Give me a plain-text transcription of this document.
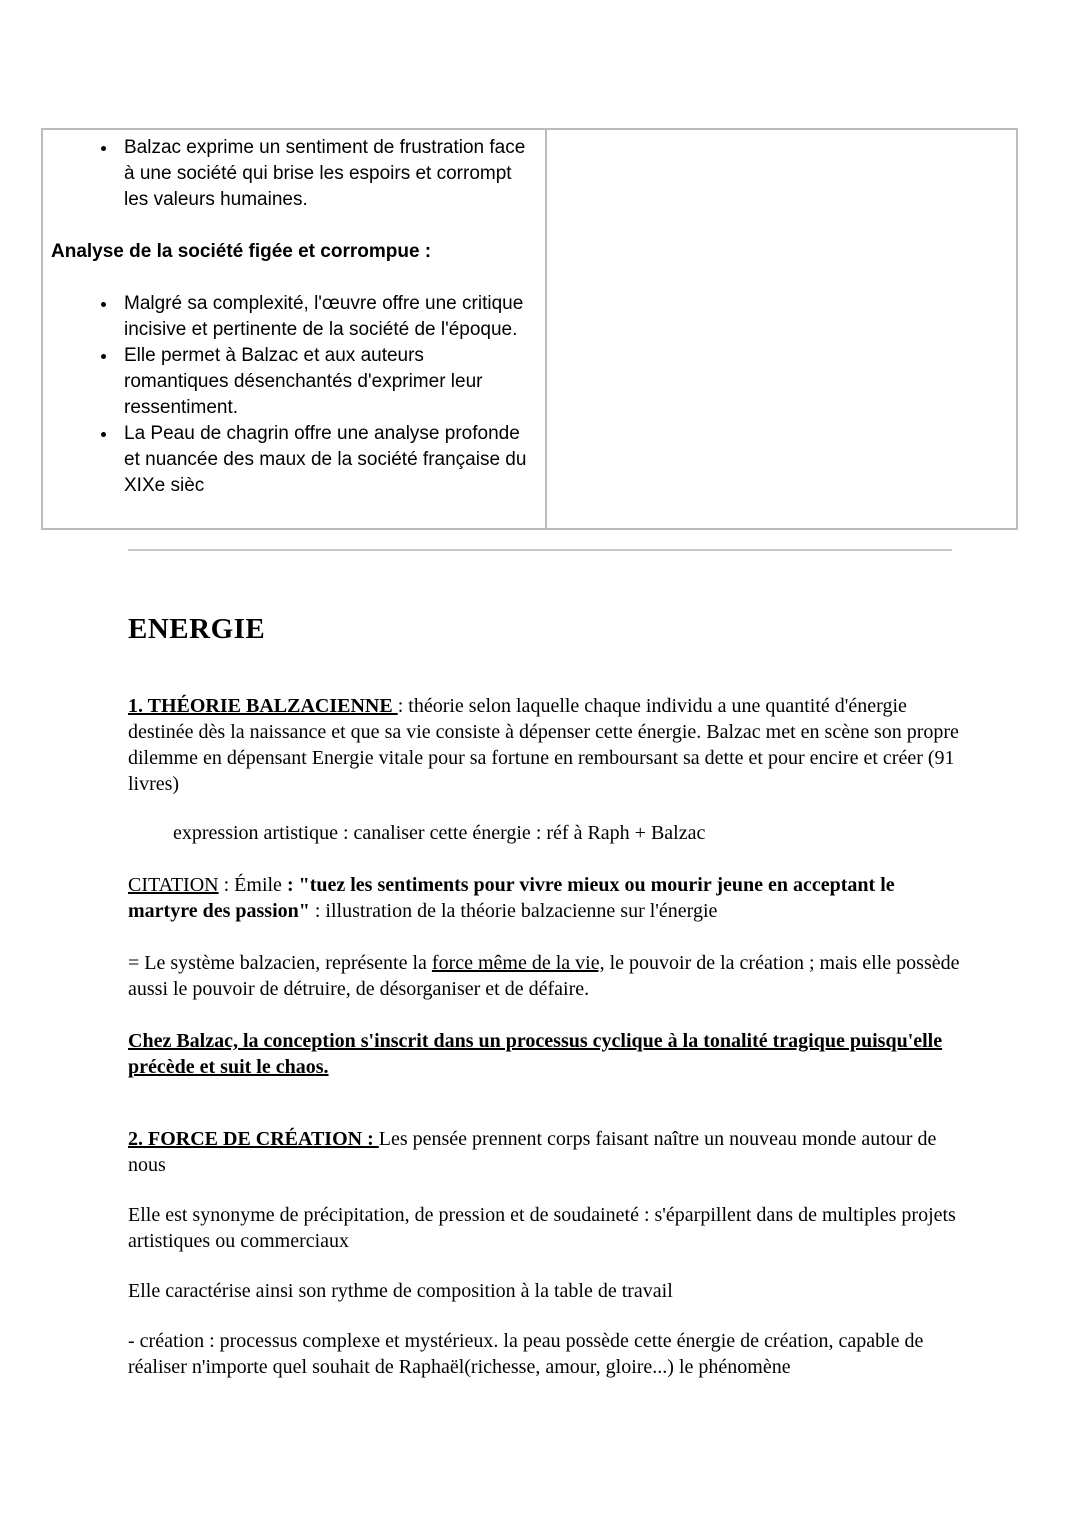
• Balzac exprime un sentiment de frustration face à une société qui brise les espoirs et corrompt les valeurs humaines.

Analyse de la société figée et corrompue :

• Malgré sa complexité, l'œuvre offre une critique incisive et pertinente de la société de l'époque.
• Elle permet à Balzac et aux auteurs romantiques désenchantés d'exprimer leur ressentiment.
• La Peau de chagrin offre une analyse profonde et nuancée des maux de la société française du XIXe sièc
ENERGIE

1. THÉORIE BALZACIENNE : théorie selon laquelle chaque individu a une quantité d'énergie destinée dès la naissance et que sa vie consiste à dépenser cette énergie. Balzac met en scène son propre dilemme en dépensant Energie vitale pour sa fortune en remboursant sa dette et pour encire et créer (91 livres)

expression artistique : canaliser cette énergie : réf à Raph + Balzac

CITATION : Émile : "tuez les sentiments pour vivre mieux ou mourir jeune en acceptant le martyre des passion" : illustration de la théorie balzacienne sur l'énergie

= Le système balzacien, représente la force même de la vie, le pouvoir de la création ; mais elle possède aussi le pouvoir de détruire, de désorganiser et de défaire.

Chez Balzac, la conception s'inscrit dans un processus cyclique à la tonalité tragique puisqu'elle précède et suit le chaos.

2. FORCE DE CRÉATION : Les pensée prennent corps faisant naître un nouveau monde autour de nous

Elle est synonyme de précipitation, de pression et de soudaineté : s'éparpillent dans de multiples projets artistiques ou commerciaux

Elle caractérise ainsi son rythme de composition à la table de travail

- création : processus complexe et mystérieux. la peau possède cette énergie de création, capable de réaliser n'importe quel souhait de Raphaël(richesse, amour, gloire...) le phénomène
